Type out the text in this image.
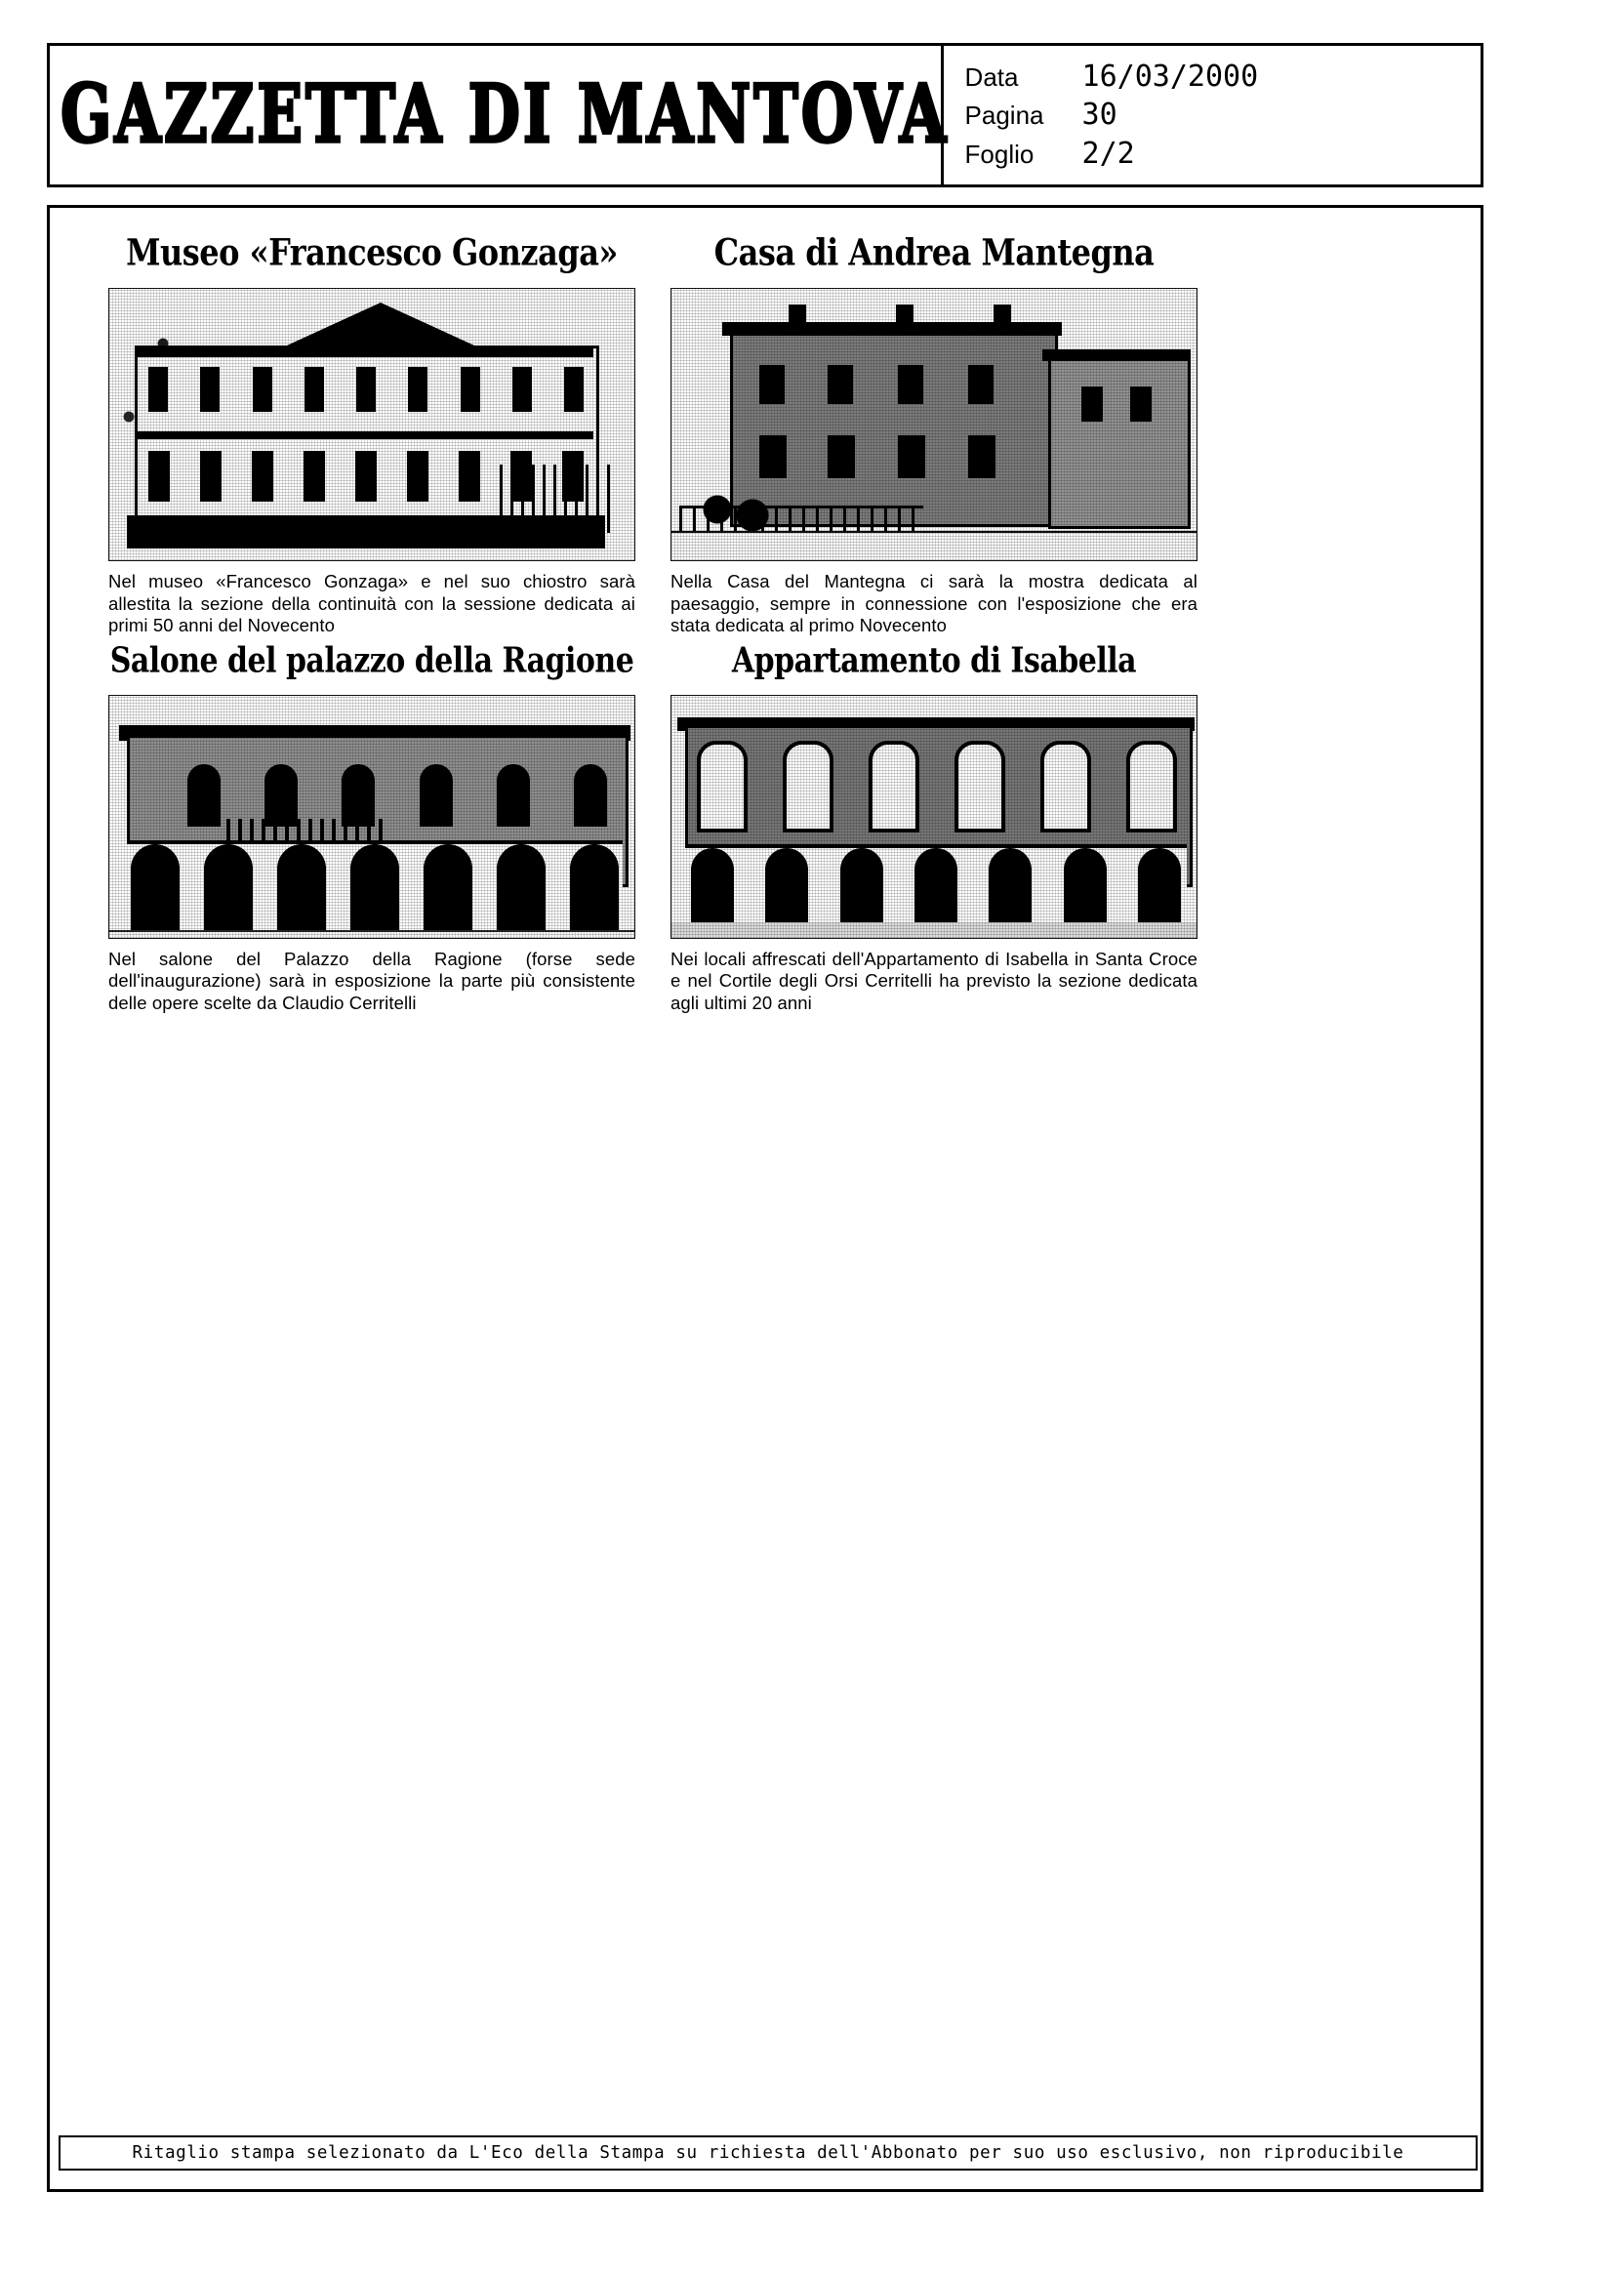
GAZZETTA DI MANTOVA Data	16/03/2000
Pagina	30
Foglio	2/2
Museo «Francesco Gonzaga»
Nel museo «Francesco Gonzaga» e nel suo chiostro sarà allestita la sezione della continuità con la sessione dedicata ai primi 50 anni del Novecento
Casa di Andrea Mantegna
Nella Casa del Mantegna ci sarà la mostra dedicata al paesaggio, sempre in connessione con l'esposizione che era stata dedicata al primo Novecento
Salone del palazzo della Ragione
Nel salone del Palazzo della Ragione (forse sede dell'inaugurazione) sarà in esposizione la parte più consistente delle opere scelte da Claudio Cerritelli
Appartamento di Isabella
Nei locali affrescati dell'Appartamento di Isabella in Santa Croce e nel Cortile degli Orsi Cerritelli ha previsto la sezione dedicata agli ultimi 20 anni
Ritaglio stampa selezionato da L'Eco della Stampa su richiesta dell'Abbonato per suo uso esclusivo, non riproducibile
